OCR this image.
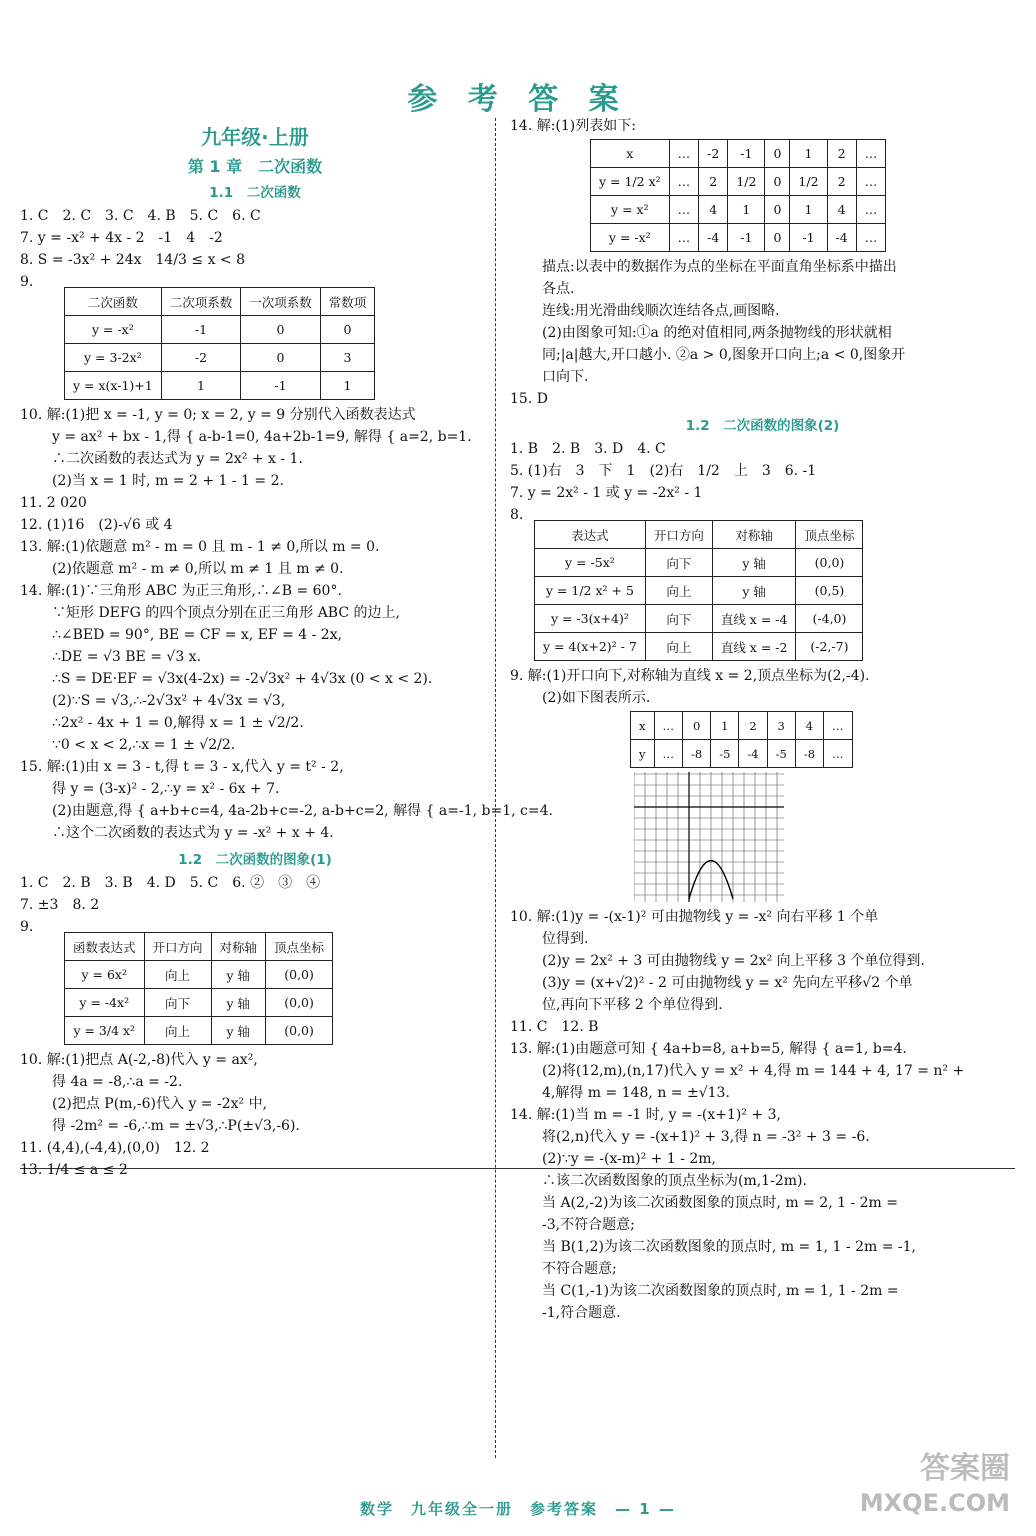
参 考 答 案
九年级·上册
第 1 章　二次函数
1.1　二次函数
1. C　2. C　3. C　4. B　5. C　6. C
7. y = -x² + 4x - 2　-1　4　-2
8. S = -3x² + 24x　14/3 ≤ x < 8
9.
二次函数	二次项系数	一次项系数	常数项
y = -x²	-1	0	0
y = 3-2x²	-2	0	3
y = x(x-1)+1	1	-1	1
10. 解:(1)把 x = -1, y = 0; x = 2, y = 9 分别代入函数表达式
y = ax² + bx - 1,得 { a-b-1=0, 4a+2b-1=9, 解得 { a=2, b=1.
∴二次函数的表达式为 y = 2x² + x - 1.
(2)当 x = 1 时, m = 2 + 1 - 1 = 2.
11. 2 020
12. (1)16　(2)-√6 或 4
13. 解:(1)依题意 m² - m = 0 且 m - 1 ≠ 0,所以 m = 0.
(2)依题意 m² - m ≠ 0,所以 m ≠ 1 且 m ≠ 0.
14. 解:(1)∵三角形 ABC 为正三角形,∴∠B = 60°.
∵矩形 DEFG 的四个顶点分别在正三角形 ABC 的边上,
∴∠BED = 90°, BE = CF = x, EF = 4 - 2x,
∴DE = √3 BE = √3 x.
∴S = DE·EF = √3x(4-2x) = -2√3x² + 4√3x (0 < x < 2).
(2)∵S = √3,∴-2√3x² + 4√3x = √3,
∴2x² - 4x + 1 = 0,解得 x = 1 ± √2/2.
∵0 < x < 2,∴x = 1 ± √2/2.
15. 解:(1)由 x = 3 - t,得 t = 3 - x,代入 y = t² - 2,
得 y = (3-x)² - 2,∴y = x² - 6x + 7.
(2)由题意,得 { a+b+c=4, 4a-2b+c=-2, a-b+c=2, 解得 { a=-1, b=1, c=4.
∴这个二次函数的表达式为 y = -x² + x + 4.
1.2　二次函数的图象(1)
1. C　2. B　3. B　4. D　5. C　6. ②　③　④
7. ±3　8. 2
9.
函数表达式	开口方向	对称轴	顶点坐标
y = 6x²	向上	y 轴	(0,0)
y = -4x²	向下	y 轴	(0,0)
y = 3/4 x²	向上	y 轴	(0,0)
10. 解:(1)把点 A(-2,-8)代入 y = ax²,
得 4a = -8,∴a = -2.
(2)把点 P(m,-6)代入 y = -2x² 中,
得 -2m² = -6,∴m = ±√3,∴P(±√3,-6).
11. (4,4),(-4,4),(0,0)　12. 2
13. 1/4 ≤ a ≤ 2
14. 解:(1)列表如下:
x	…	-2	-1	0	1	2	…
y = 1/2 x²	…	2	1/2	0	1/2	2	…
y = x²	…	4	1	0	1	4	…
y = -x²	…	-4	-1	0	-1	-4	…
描点:以表中的数据作为点的坐标在平面直角坐标系中描出
各点.
连线:用光滑曲线顺次连结各点,画图略.
(2)由图象可知:①a 的绝对值相同,两条抛物线的形状就相
同;|a|越大,开口越小. ②a > 0,图象开口向上;a < 0,图象开
口向下.
15. D
1.2　二次函数的图象(2)
1. B　2. B　3. D　4. C
5. (1)右　3　下　1　(2)右　1/2　上　3　6. -1
7. y = 2x² - 1 或 y = -2x² - 1
8.
表达式	开口方向	对称轴	顶点坐标
y = -5x²	向下	y 轴	(0,0)
y = 1/2 x² + 5	向上	y 轴	(0,5)
y = -3(x+4)²	向下	直线 x = -4	(-4,0)
y = 4(x+2)² - 7	向上	直线 x = -2	(-2,-7)
9. 解:(1)开口向下,对称轴为直线 x = 2,顶点坐标为(2,-4).
(2)如下图表所示.
x	…	0	1	2	3	4	…
y	…	-8	-5	-4	-5	-8	…
10. 解:(1)y = -(x-1)² 可由抛物线 y = -x² 向右平移 1 个单
位得到.
(2)y = 2x² + 3 可由抛物线 y = 2x² 向上平移 3 个单位得到.
(3)y = (x+√2)² - 2 可由抛物线 y = x² 先向左平移√2 个单
位,再向下平移 2 个单位得到.
11. C　12. B
13. 解:(1)由题意可知 { 4a+b=8, a+b=5, 解得 { a=1, b=4.
(2)将(12,m),(n,17)代入 y = x² + 4,得 m = 144 + 4, 17 = n² +
4,解得 m = 148, n = ±√13.
14. 解:(1)当 m = -1 时, y = -(x+1)² + 3,
将(2,n)代入 y = -(x+1)² + 3,得 n = -3² + 3 = -6.
(2)∵y = -(x-m)² + 1 - 2m,
∴该二次函数图象的顶点坐标为(m,1-2m).
当 A(2,-2)为该二次函数图象的顶点时, m = 2, 1 - 2m =
-3,不符合题意;
当 B(1,2)为该二次函数图象的顶点时, m = 1, 1 - 2m = -1,
不符合题意;
当 C(1,-1)为该二次函数图象的顶点时, m = 1, 1 - 2m =
-1,符合题意.
数学　九年级全一册　参考答案　— 1 —
答案圈
MXQE.COM
